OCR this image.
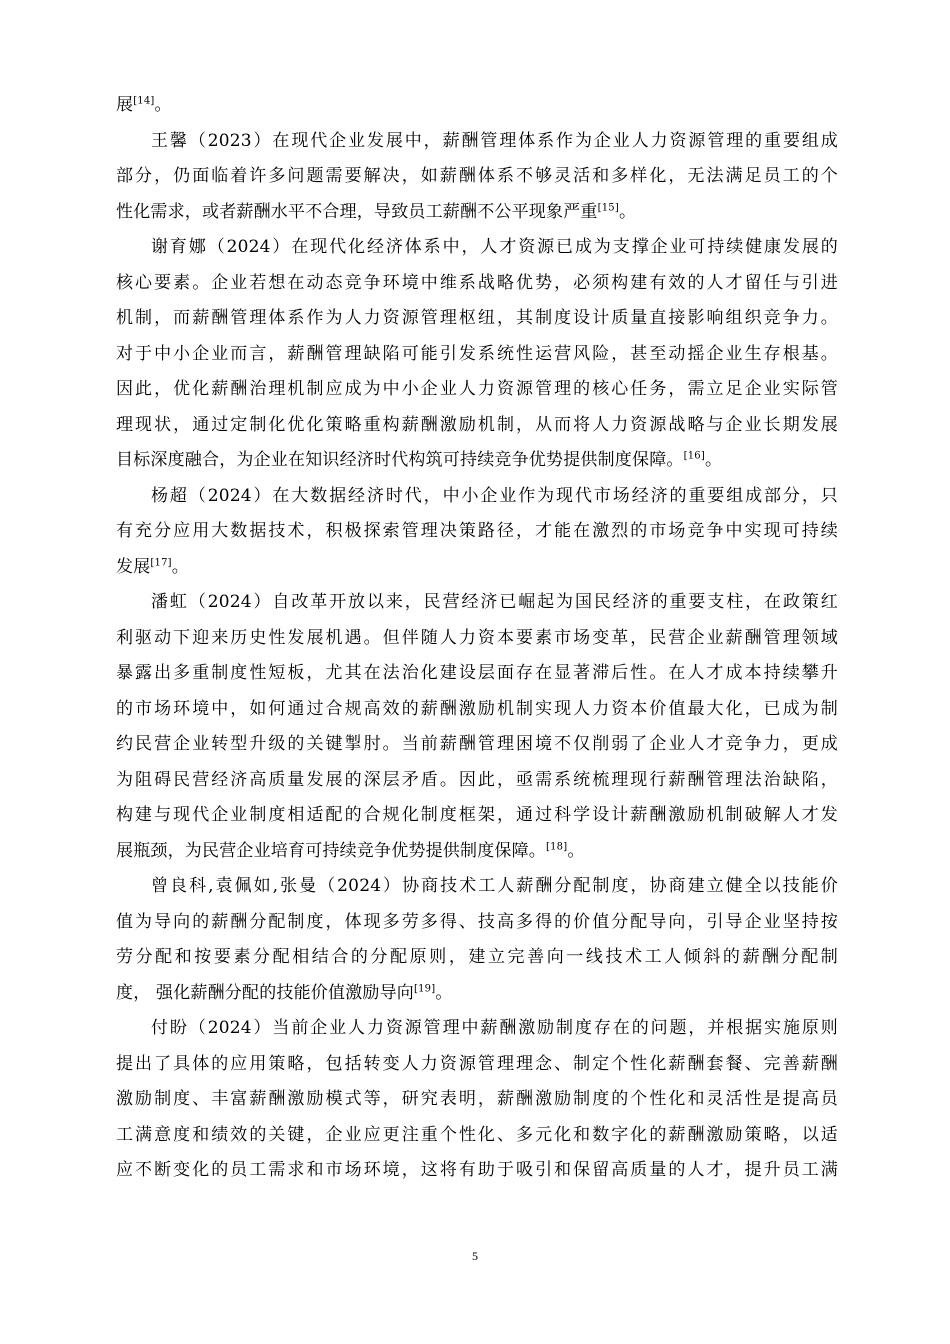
展[14]。
王馨（2023）在现代企业发展中，薪酬管理体系作为企业人力资源管理的重要组成
部分，仍面临着许多问题需要解决，如薪酬体系不够灵活和多样化，无法满足员工的个
性化需求，或者薪酬水平不合理，导致员工薪酬不公平现象严重[15]。
谢育娜（2024）在现代化经济体系中，人才资源已成为支撑企业可持续健康发展的
核心要素。企业若想在动态竞争环境中维系战略优势，必须构建有效的人才留任与引进
机制，而薪酬管理体系作为人力资源管理枢纽，其制度设计质量直接影响组织竞争力。
对于中小企业而言，薪酬管理缺陷可能引发系统性运营风险，甚至动摇企业生存根基。
因此，优化薪酬治理机制应成为中小企业人力资源管理的核心任务，需立足企业实际管
理现状，通过定制化优化策略重构薪酬激励机制，从而将人力资源战略与企业长期发展
目标深度融合，为企业在知识经济时代构筑可持续竞争优势提供制度保障。[16]。
杨超（2024）在大数据经济时代，中小企业作为现代市场经济的重要组成部分，只
有充分应用大数据技术，积极探索管理决策路径，才能在激烈的市场竞争中实现可持续
发展[17]。
潘虹（2024）自改革开放以来，民营经济已崛起为国民经济的重要支柱，在政策红
利驱动下迎来历史性发展机遇。但伴随人力资本要素市场变革，民营企业薪酬管理领域
暴露出多重制度性短板，尤其在法治化建设层面存在显著滞后性。在人才成本持续攀升
的市场环境中，如何通过合规高效的薪酬激励机制实现人力资本价值最大化，已成为制
约民营企业转型升级的关键掣肘。当前薪酬管理困境不仅削弱了企业人才竞争力，更成
为阻碍民营经济高质量发展的深层矛盾。因此，亟需系统梳理现行薪酬管理法治缺陷，
构建与现代企业制度相适配的合规化制度框架，通过科学设计薪酬激励机制破解人才发
展瓶颈，为民营企业培育可持续竞争优势提供制度保障。[18]。
曾良科,袁佩如,张曼（2024）协商技术工人薪酬分配制度，协商建立健全以技能价
值为导向的薪酬分配制度，体现多劳多得、技高多得的价值分配导向，引导企业坚持按
劳分配和按要素分配相结合的分配原则，建立完善向一线技术工人倾斜的薪酬分配制
度， 强化薪酬分配的技能价值激励导向[19]。
付盼（2024）当前企业人力资源管理中薪酬激励制度存在的问题，并根据实施原则
提出了具体的应用策略，包括转变人力资源管理理念、制定个性化薪酬套餐、完善薪酬
激励制度、丰富薪酬激励模式等，研究表明，薪酬激励制度的个性化和灵活性是提高员
工满意度和绩效的关键，企业应更注重个性化、多元化和数字化的薪酬激励策略，以适
应不断变化的员工需求和市场环境，这将有助于吸引和保留高质量的人才，提升员工满
5
